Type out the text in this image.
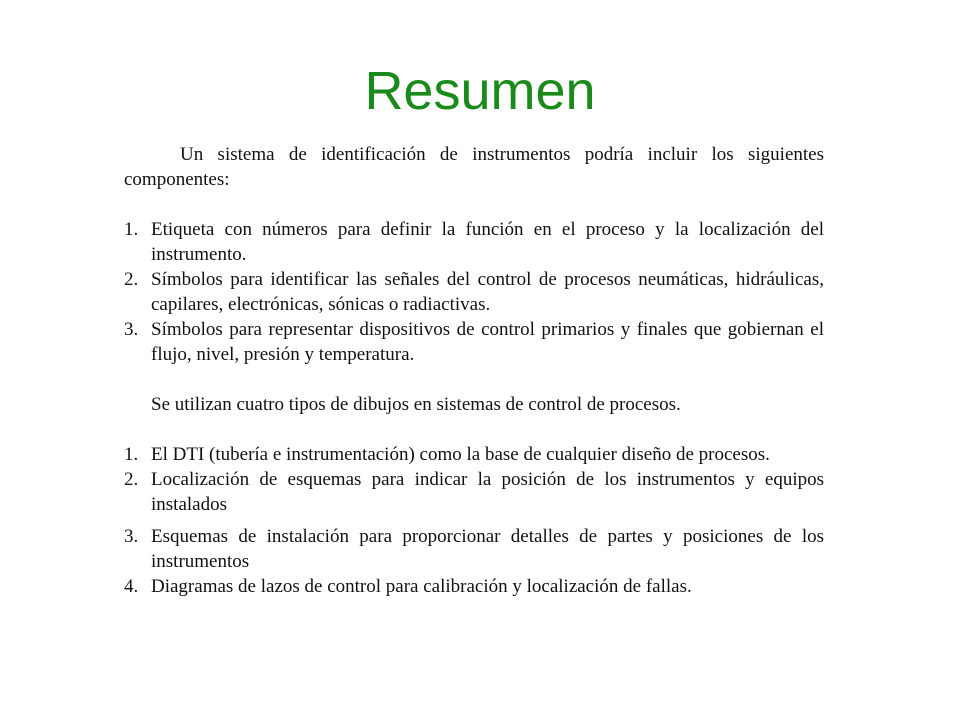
Resumen
Un sistema de identificación de instrumentos podría incluir los siguientes componentes:
1. Etiqueta con números para definir la función en el proceso y la localización del instrumento.
2. Símbolos para identificar las señales del control de procesos neumáticas, hidráulicas, capilares, electrónicas, sónicas o radiactivas.
3. Símbolos para representar dispositivos de control primarios y finales que gobiernan el flujo, nivel, presión y temperatura.
Se utilizan cuatro tipos de dibujos en sistemas de control de procesos.
1. El DTI (tubería e instrumentación) como la base de cualquier diseño de procesos.
2. Localización de esquemas para indicar la posición de los instrumentos y equipos instalados
3. Esquemas de instalación para proporcionar detalles de partes y posiciones de los instrumentos
4. Diagramas de lazos de control para calibración y localización de fallas.
